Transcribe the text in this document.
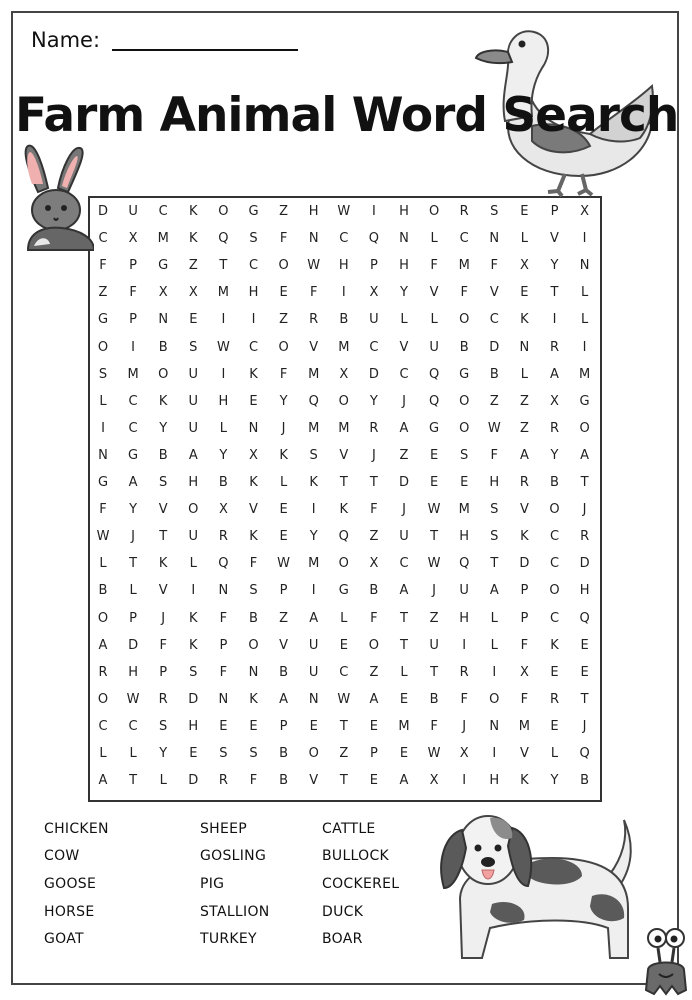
Name:
Farm Animal Word Search
D	U	C	K	O	G	Z	H	W	I	H	O	R	S	E	P	X
C	X	M	K	Q	S	F	N	C	Q	N	L	C	N	L	V	I
F	P	G	Z	T	C	O	W	H	P	H	F	M	F	X	Y	N
Z	F	X	X	M	H	E	F	I	X	Y	V	F	V	E	T	L
G	P	N	E	I	I	Z	R	B	U	L	L	O	C	K	I	L
O	I	B	S	W	C	O	V	M	C	V	U	B	D	N	R	I
S	M	O	U	I	K	F	M	X	D	C	Q	G	B	L	A	M
L	C	K	U	H	E	Y	Q	O	Y	J	Q	O	Z	Z	X	G
I	C	Y	U	L	N	J	M	M	R	A	G	O	W	Z	R	O
N	G	B	A	Y	X	K	S	V	J	Z	E	S	F	A	Y	A
G	A	S	H	B	K	L	K	T	T	D	E	E	H	R	B	T
F	Y	V	O	X	V	E	I	K	F	J	W	M	S	V	O	J
W	J	T	U	R	K	E	Y	Q	Z	U	T	H	S	K	C	R
L	T	K	L	Q	F	W	M	O	X	C	W	Q	T	D	C	D
B	L	V	I	N	S	P	I	G	B	A	J	U	A	P	O	H
O	P	J	K	F	B	Z	A	L	F	T	Z	H	L	P	C	Q
A	D	F	K	P	O	V	U	E	O	T	U	I	L	F	K	E
R	H	P	S	F	N	B	U	C	Z	L	T	R	I	X	E	E
O	W	R	D	N	K	A	N	W	A	E	B	F	O	F	R	T
C	C	S	H	E	E	P	E	T	E	M	F	J	N	M	E	J
L	L	Y	E	S	S	B	O	Z	P	E	W	X	I	V	L	Q
A	T	L	D	R	F	B	V	T	E	A	X	I	H	K	Y	B
CHICKEN
COW
GOOSE
HORSE
GOAT
SHEEP
GOSLING
PIG
STALLION
TURKEY
CATTLE
BULLOCK
COCKEREL
DUCK
BOAR
